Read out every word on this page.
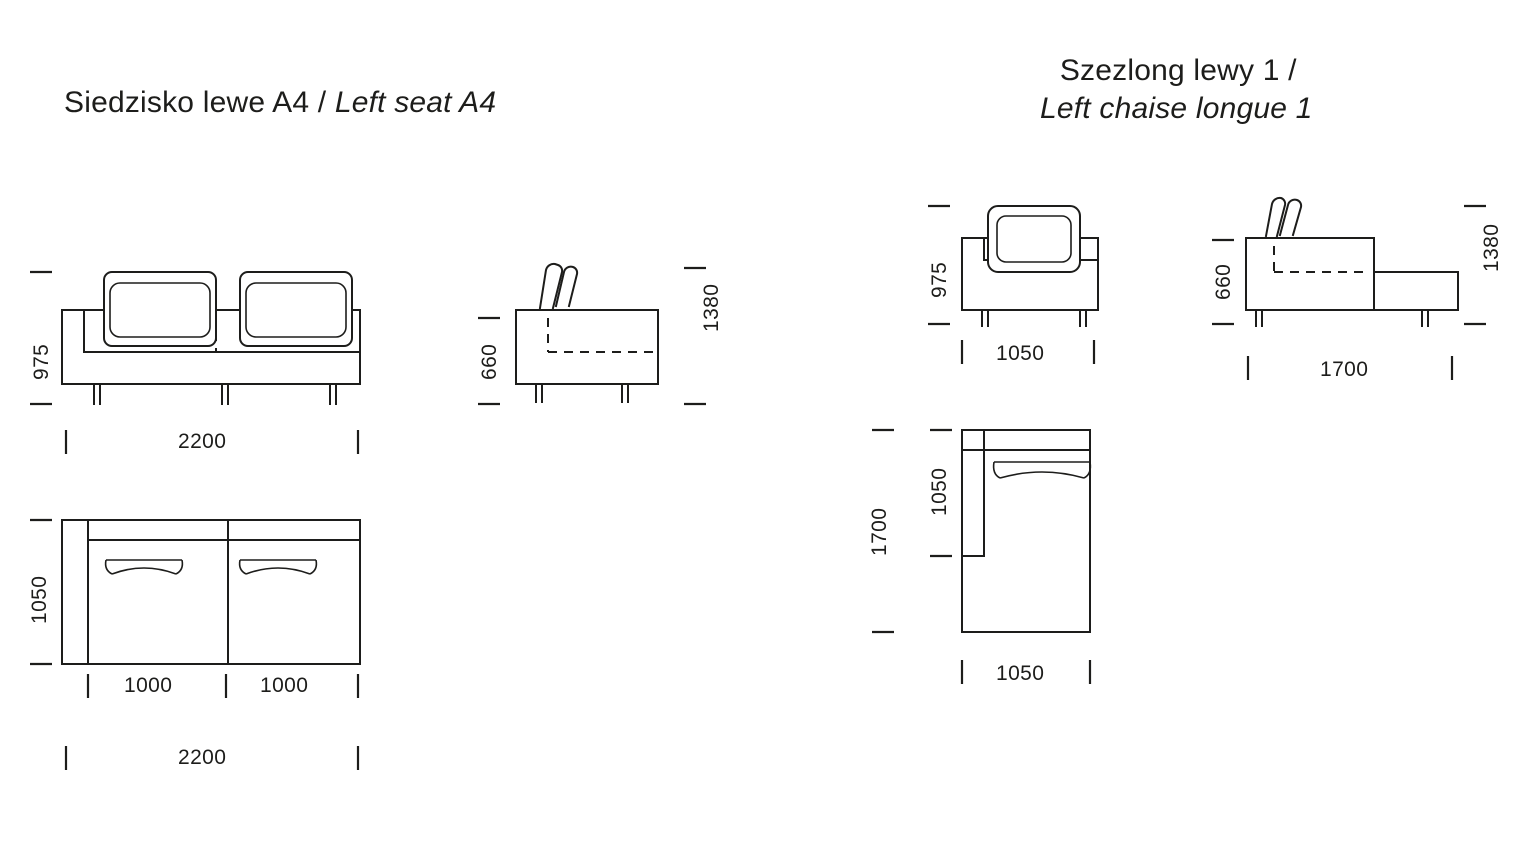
Siedzisko lewe A4 / Left seat A4
Szezlong lewy 1 /
Left chaise longue 1
975
2200
660
1380
1050
1000	1000
2200
975
1050
660
1380
1700
1700
1050
1050
